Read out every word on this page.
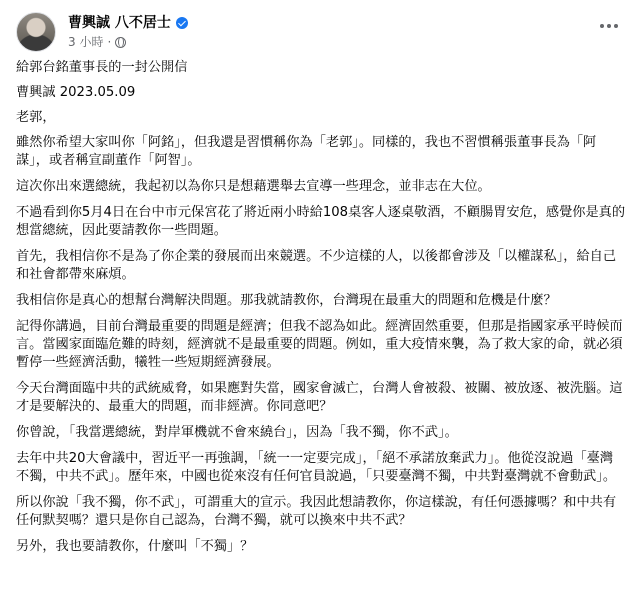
曹興誠 八不居士
3 小時 ·

給郭台銘董事長的一封公開信

曹興誠 2023.05.09

老郭，

雖然你希望大家叫你「阿銘」，但我還是習慣稱你為「老郭」。同樣的，我也不習慣稱張董事長為「阿謀」，或者稱宣副董作「阿智」。

這次你出來選總統，我起初以為你只是想藉選舉去宣導一些理念，並非志在大位。

不過看到你5月4日在台中市元保宮花了將近兩小時給108桌客人逐桌敬酒，不顧腸胃安危，感覺你是真的想當總統，因此要請教你一些問題。

首先，我相信你不是為了你企業的發展而出來競選。不少這樣的人，以後都會涉及「以權謀私」，給自己和社會都帶來麻煩。

我相信你是真心的想幫台灣解決問題。那我就請教你，台灣現在最重大的問題和危機是什麼？

記得你講過，目前台灣最重要的問題是經濟；但我不認為如此。經濟固然重要，但那是指國家承平時候而言。當國家面臨危難的時刻，經濟就不是最重要的問題。例如，重大疫情來襲，為了救大家的命，就必須暫停一些經濟活動，犧牲一些短期經濟發展。

今天台灣面臨中共的武統威脅，如果應對失當，國家會滅亡，台灣人會被殺、被關、被放逐、被洗腦。這才是要解決的、最重大的問題，而非經濟。你同意吧？

你曾說，「我當選總統，對岸軍機就不會來繞台」，因為「我不獨，你不武」。

去年中共20大會議中，習近平一再強調，「統一一定要完成」，「絕不承諾放棄武力」。他從沒說過「臺灣不獨，中共不武」。歷年來，中國也從來沒有任何官員說過，「只要臺灣不獨，中共對臺灣就不會動武」。

所以你說「我不獨，你不武」，可謂重大的宣示。我因此想請教你，你這樣說，有任何憑據嗎？和中共有任何默契嗎？還只是你自己認為，台灣不獨，就可以換來中共不武？

另外，我也要請教你，什麼叫「不獨」？
